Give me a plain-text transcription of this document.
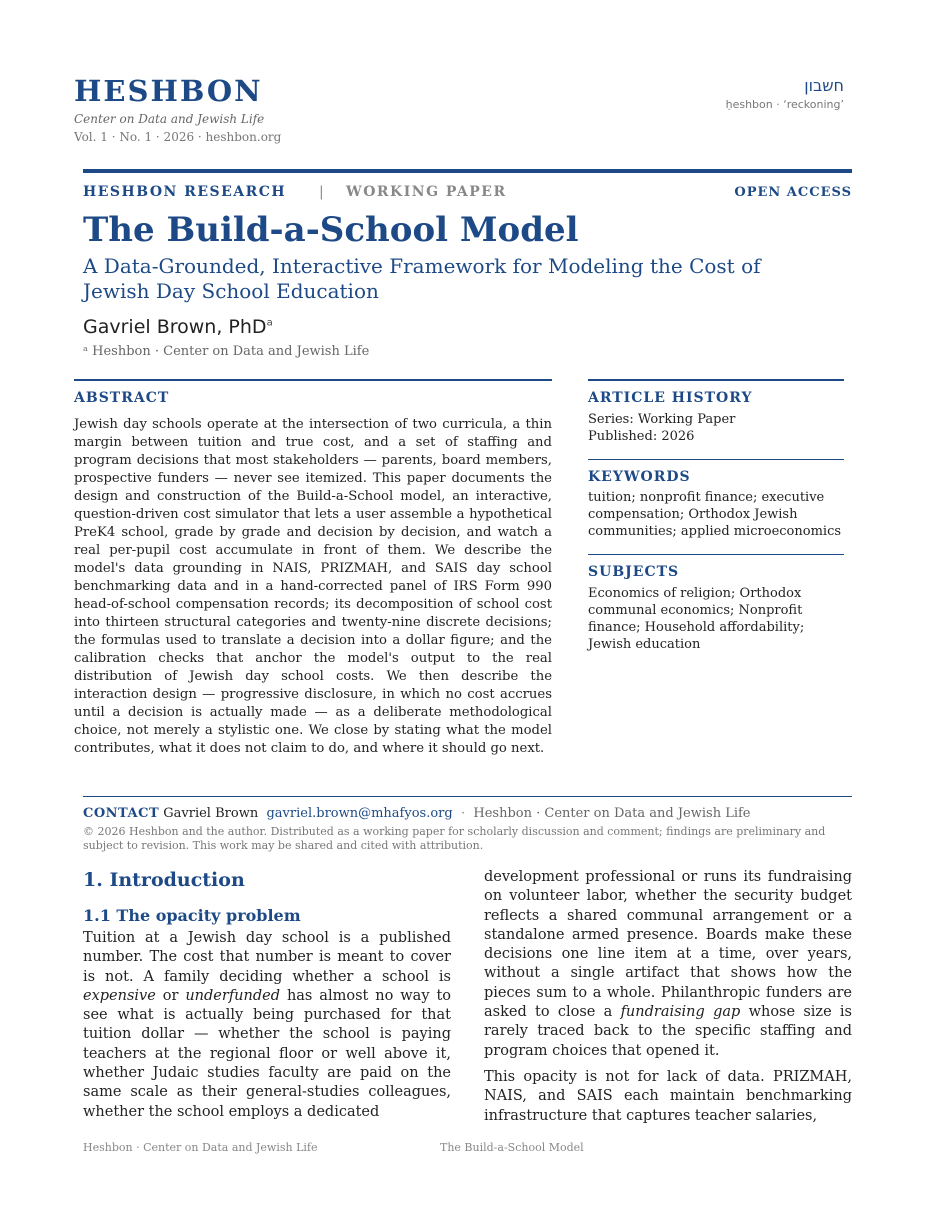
HESHBON
Center on Data and Jewish Life
Vol. 1 · No. 1 · 2026 · heshbon.org
חשבון
ḥeshbon · ‘reckoning’
HESHBON RESEARCH | WORKING PAPER	OPEN ACCESS
The Build-a-School Model
A Data-Grounded, Interactive Framework for Modeling the Cost of Jewish Day School Education
Gavriel Brown, PhD$^a$
ᵃ Heshbon · Center on Data and Jewish Life
ABSTRACT
Jewish day schools operate at the intersection of two curricula, a thin margin between tuition and true cost, and a set of staffing and program decisions that most stakeholders — parents, board members, prospective funders — never see itemized. This paper documents the design and construction of the Build-a-School model, an interactive, question-driven cost simulator that lets a user assemble a hypothetical PreK4 school, grade by grade and decision by decision, and watch a real per-pupil cost accumulate in front of them. We describe the model's data grounding in NAIS, PRIZMAH, and SAIS day school benchmarking data and in a hand-corrected panel of IRS Form 990 head-of-school compensation records; its decomposition of school cost into thirteen structural categories and twenty-nine discrete decisions; the formulas used to translate a decision into a dollar figure; and the calibration checks that anchor the model's output to the real distribution of Jewish day school costs. We then describe the interaction design — progressive disclosure, in which no cost accrues until a decision is actually made — as a deliberate methodological choice, not merely a stylistic one. We close by stating what the model contributes, what it does not claim to do, and where it should go next.
ARTICLE HISTORY
Series: Working Paper
Published: 2026
KEYWORDS
tuition; nonprofit finance; executive compensation; Orthodox Jewish communities; applied microeconomics
SUBJECTS
Economics of religion; Orthodox communal economics; Nonprofit finance; Household affordability; Jewish education
CONTACT Gavriel Brown gavriel.brown@mhafyos.org · Heshbon · Center on Data and Jewish Life
© 2026 Heshbon and the author. Distributed as a working paper for scholarly discussion and comment; findings are preliminary and subject to revision. This work may be shared and cited with attribution.
1. Introduction
1.1 The opacity problem

Tuition at a Jewish day school is a published number. The cost that number is meant to cover is not. A family deciding whether a school is expensive or underfunded has almost no way to see what is actually being purchased for that tuition dollar — whether the school is paying teachers at the regional floor or well above it, whether Judaic studies faculty are paid on the same scale as their general-studies colleagues, whether the school employs a dedicated

development professional or runs its fundraising on volunteer labor, whether the security budget reflects a shared communal arrangement or a standalone armed presence. Boards make these decisions one line item at a time, over years, without a single artifact that shows how the pieces sum to a whole. Philanthropic funders are asked to close a fundraising gap whose size is rarely traced back to the specific staffing and program choices that opened it.

This opacity is not for lack of data. PRIZMAH, NAIS, and SAIS each maintain benchmarking infrastructure that captures teacher salaries,

Heshbon · Center on Data and Jewish Life	The Build-a-School Model
